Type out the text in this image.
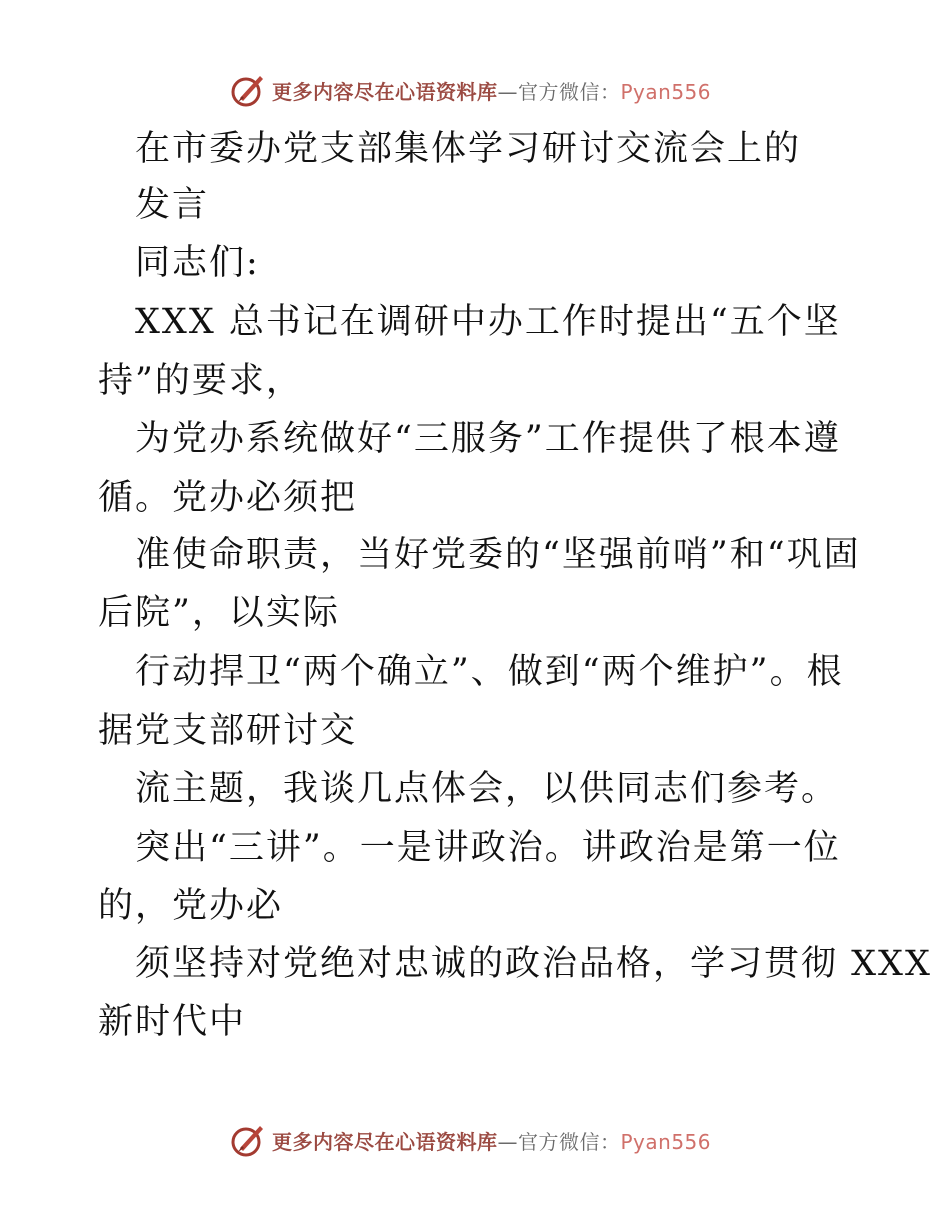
更多内容尽在心语资料库—官方微信：Pyan556
在市委办党支部集体学习研讨交流会上的
发言
同志们:
XXX 总书记在调研中办工作时提出“五个坚
持”的要求，
为党办系统做好“三服务”工作提供了根本遵
循。党办必须把
准使命职责，当好党委的“坚强前哨”和“巩固
后院”，以实际
行动捍卫“两个确立”、做到“两个维护”。根
据党支部研讨交
流主题，我谈几点体会，以供同志们参考。
突出“三讲”。一是讲政治。讲政治是第一位
的，党办必
须坚持对党绝对忠诚的政治品格，学习贯彻 XXX
新时代中
更多内容尽在心语资料库—官方微信：Pyan556
